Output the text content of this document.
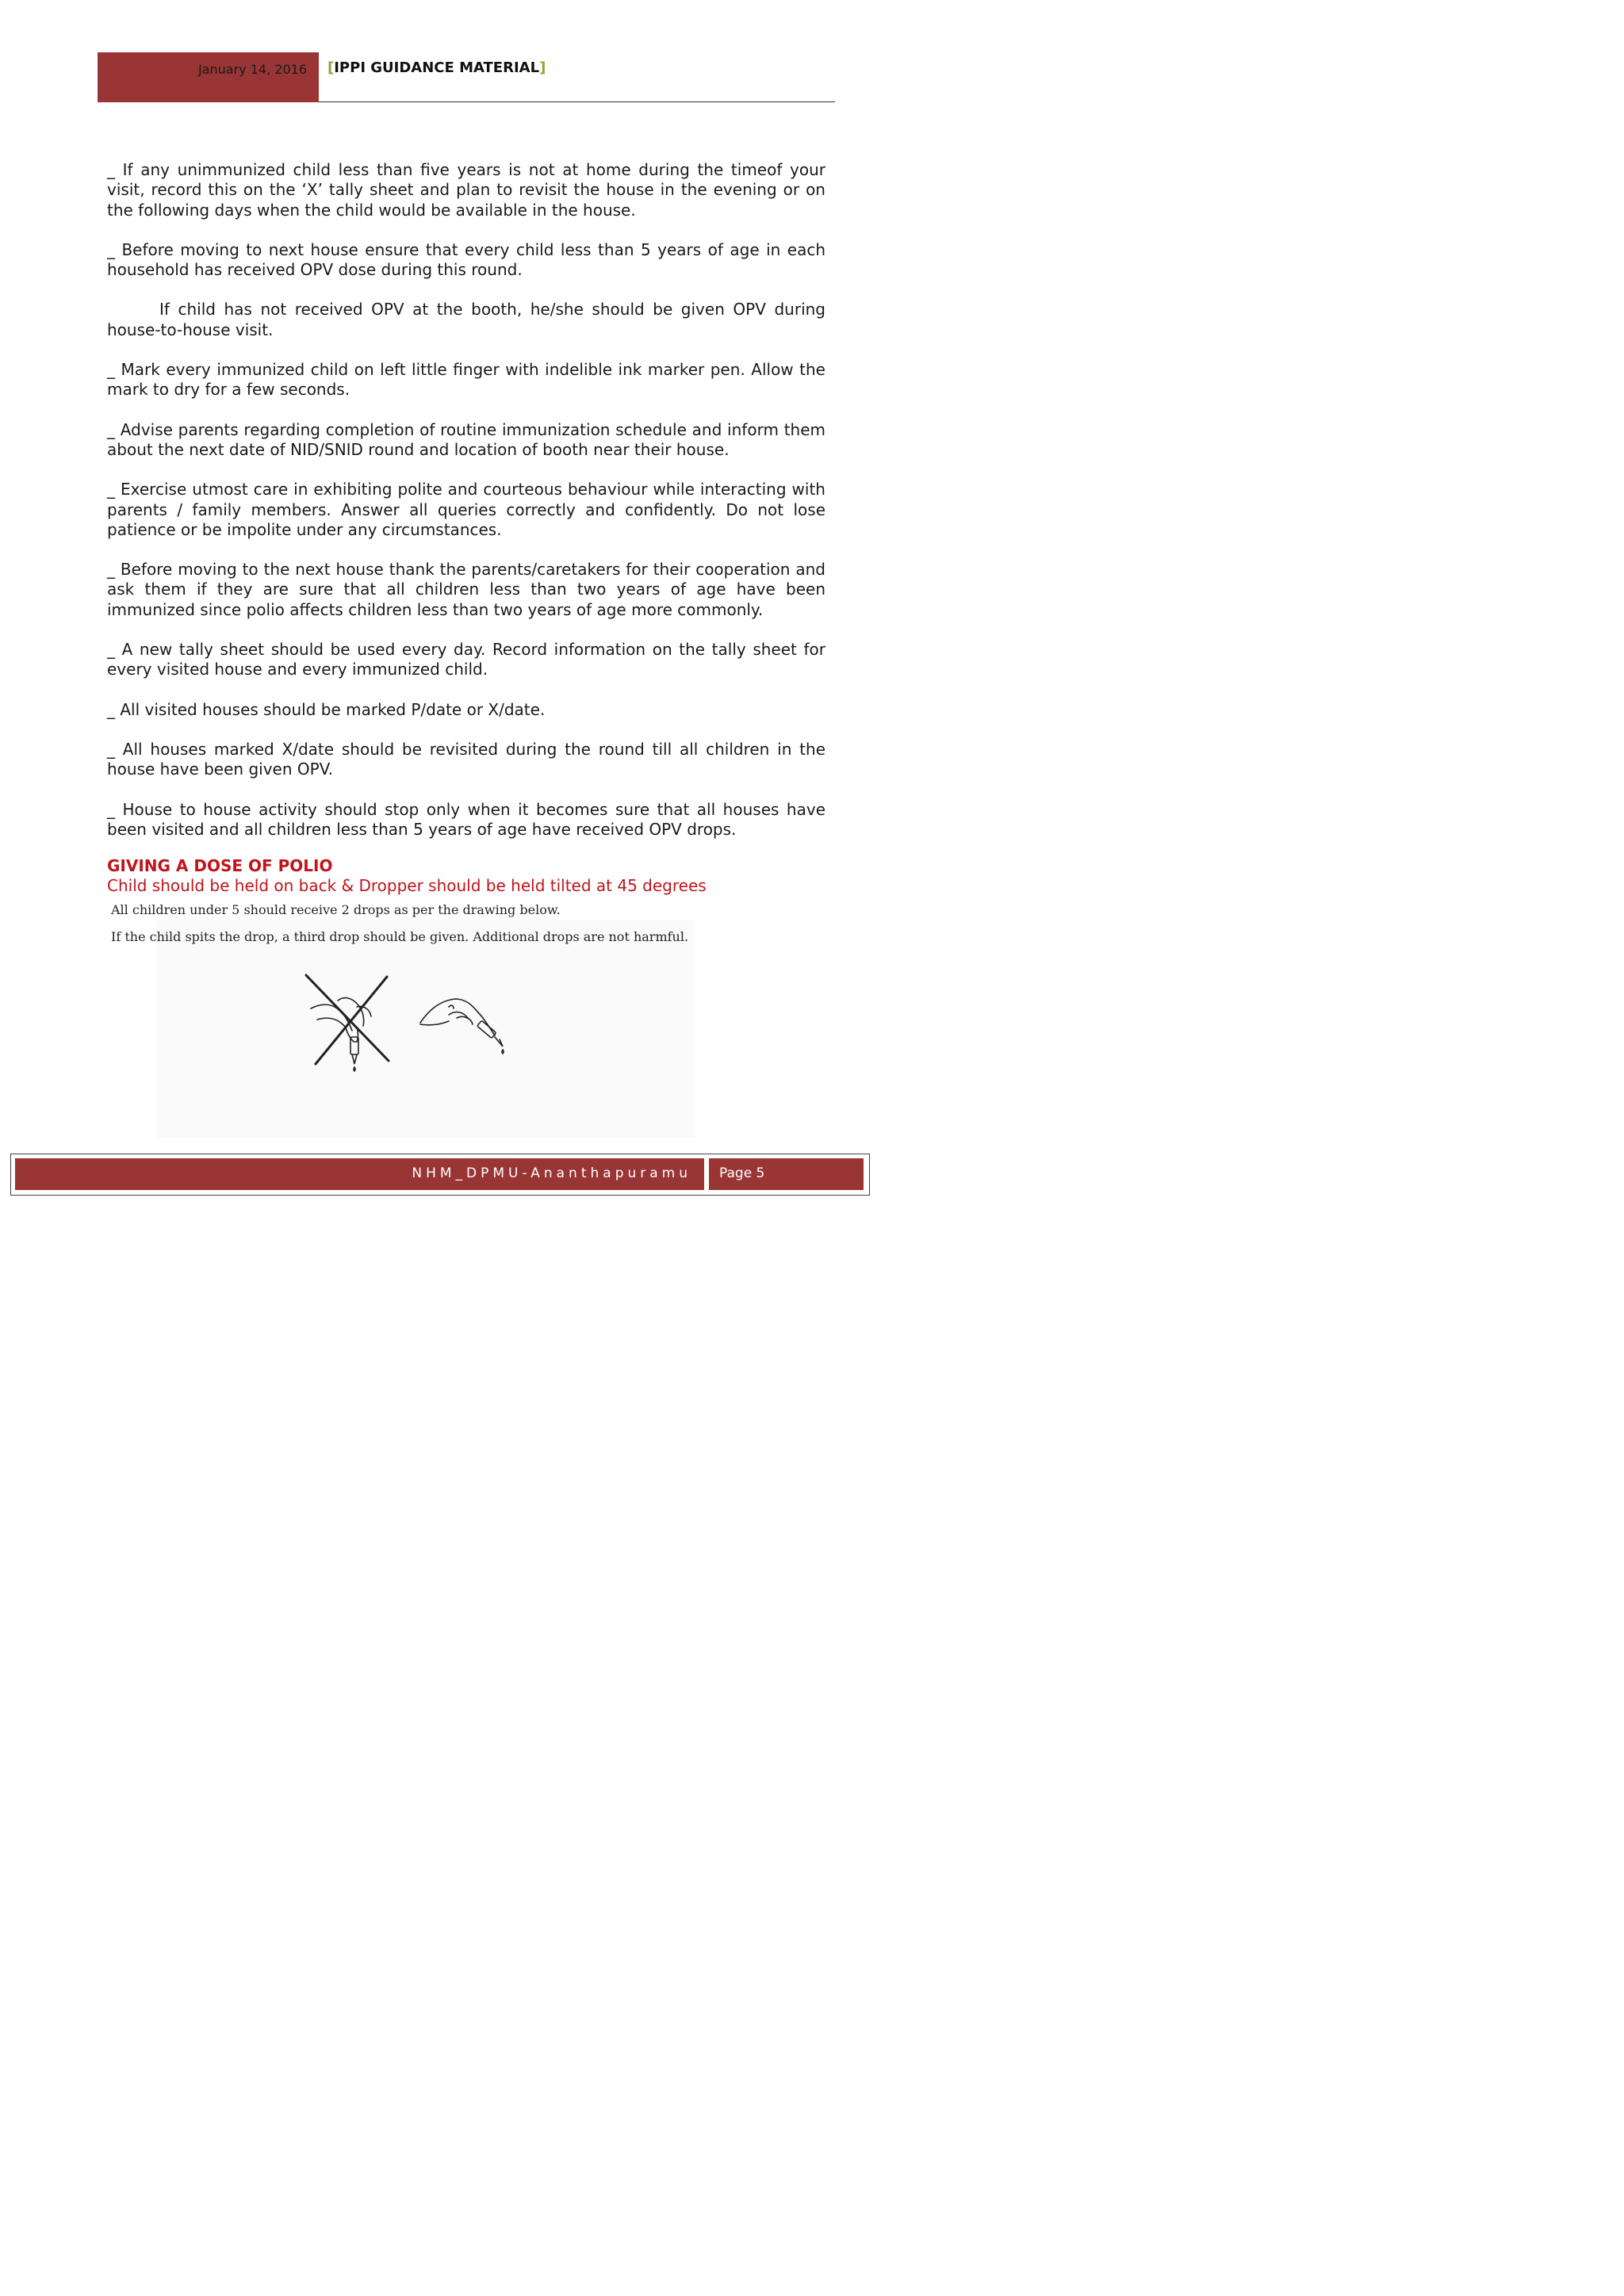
January 14, 2016 [IPPI GUIDANCE MATERIAL]

_ If any unimmunized child less than five years is not at home during the timeof your visit, record this on the ‘X’ tally sheet and plan to revisit the house in the evening or on the following days when the child would be available in the house.

_ Before moving to next house ensure that every child less than 5 years of age in each household has received OPV dose during this round.

If child has not received OPV at the booth, he/she should be given OPV during house-to-house visit.

_ Mark every immunized child on left little finger with indelible ink marker pen. Allow the mark to dry for a few seconds.

_ Advise parents regarding completion of routine immunization schedule and inform them about the next date of NID/SNID round and location of booth near their house.

_ Exercise utmost care in exhibiting polite and courteous behaviour while interacting with parents / family members. Answer all queries correctly and confidently. Do not lose patience or be impolite under any circumstances.

_ Before moving to the next house thank the parents/caretakers for their cooperation and ask them if they are sure that all children less than two years of age have been immunized since polio affects children less than two years of age more commonly.

_ A new tally sheet should be used every day. Record information on the tally sheet for every visited house and every immunized child.

_ All visited houses should be marked P/date or X/date.

_ All houses marked X/date should be revisited during the round till all children in the house have been given OPV.

_ House to house activity should stop only when it becomes sure that all houses have been visited and all children less than 5 years of age have received OPV drops.

GIVING A DOSE OF POLIO
Child should be held on back & Dropper should be held tilted at 45 degrees
All children under 5 should receive 2 drops as per the drawing below.
If the child spits the drop, a third drop should be given. Additional drops are not harmful.
NHM_DPMU-Ananthapuramu Page 5
